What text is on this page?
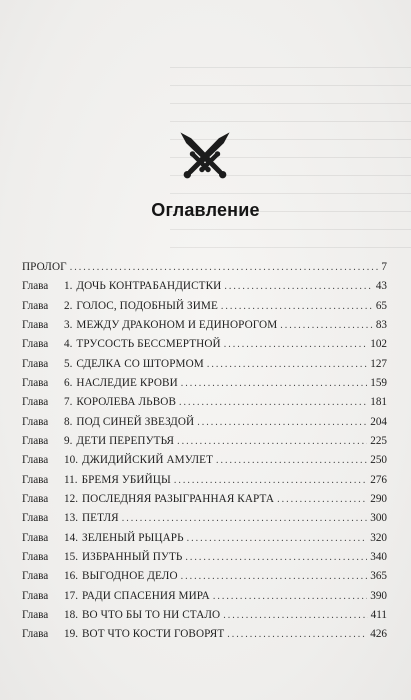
Оглавление
ПРОЛОГ .....	7
Глава	1. ДОЧЬ КОНТРАБАНДИСТКИ .....	43
Глава	2. ГОЛОС, ПОДОБНЫЙ ЗИМЕ .....	65
Глава	3. МЕЖДУ ДРАКОНОМ И ЕДИНОРОГОМ .....	83
Глава	4. ТРУСОСТЬ БЕССМЕРТНОЙ .....	102
Глава	5. СДЕЛКА СО ШТОРМОМ .....	127
Глава	6. НАСЛЕДИЕ КРОВИ .....	159
Глава	7. КОРОЛЕВА ЛЬВОВ .....	181
Глава	8. ПОД СИНЕЙ ЗВЕЗДОЙ .....	204
Глава	9. ДЕТИ ПЕРЕПУТЬЯ .....	225
Глава	10. ДЖИДИЙСКИЙ АМУЛЕТ .....	250
Глава	11. БРЕМЯ УБИЙЦЫ .....	276
Глава	12. ПОСЛЕДНЯЯ РАЗЫГРАННАЯ КАРТА .....	290
Глава	13. ПЕТЛЯ .....	300
Глава	14. ЗЕЛЕНЫЙ РЫЦАРЬ .....	320
Глава	15. ИЗБРАННЫЙ ПУТЬ .....	340
Глава	16. ВЫГОДНОЕ ДЕЛО .....	365
Глава	17. РАДИ СПАСЕНИЯ МИРА .....	390
Глава	18. ВО ЧТО БЫ ТО НИ СТАЛО .....	411
Глава	19. ВОТ ЧТО КОСТИ ГОВОРЯТ .....	426
